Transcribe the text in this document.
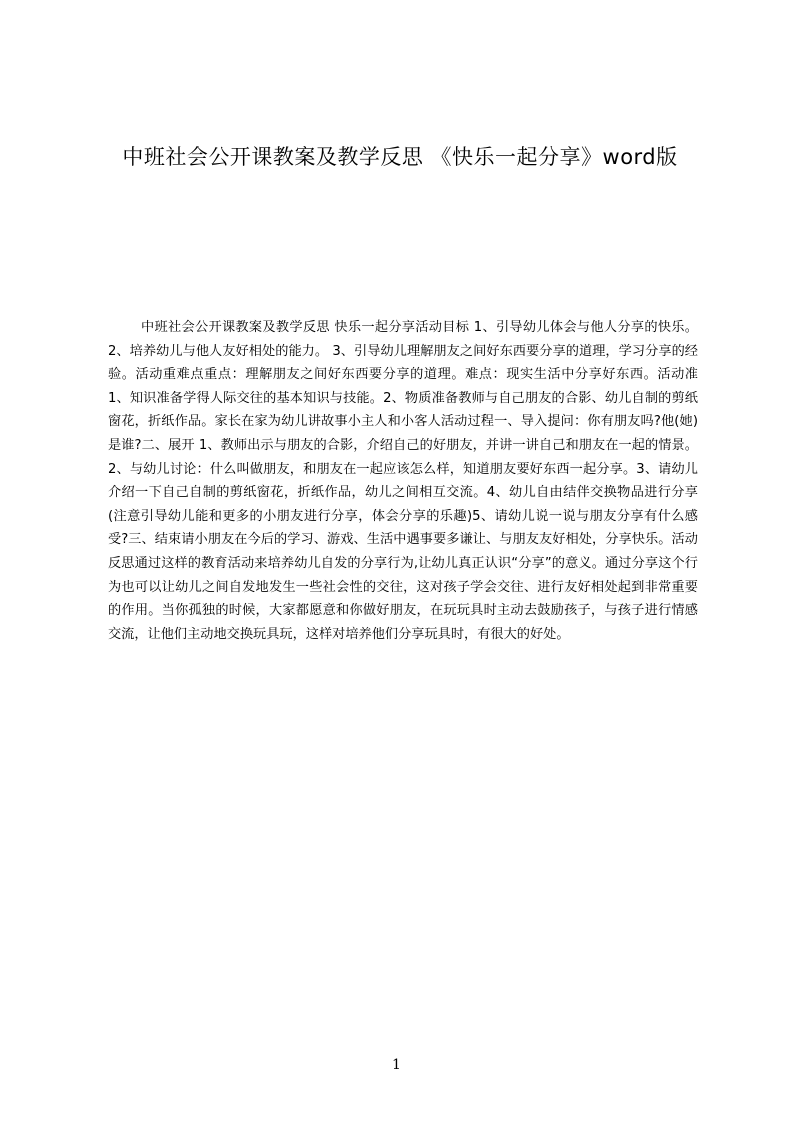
中班社会公开课教案及教学反思 《快乐一起分享》word版

中班社会公开课教案及教学反思 快乐一起分享活动目标 1、引导幼儿体会与他人分享的快乐。2、培养幼儿与他人友好相处的能力。 3、引导幼儿理解朋友之间好东西要分享的道理，学习分享的经验。活动重难点重点：理解朋友之间好东西要分享的道理。难点：现实生活中分享好东西。活动准 1、知识准备学得人际交往的基本知识与技能。2、物质准备教师与自己朋友的合影、幼儿自制的剪纸窗花，折纸作品。家长在家为幼儿讲故事小主人和小客人活动过程一、导入提问：你有朋友吗?他(她)是谁?二、展开 1、教师出示与朋友的合影，介绍自己的好朋友，并讲一讲自己和朋友在一起的情景。2、与幼儿讨论：什么叫做朋友，和朋友在一起应该怎么样，知道朋友要好东西一起分享。3、请幼儿介绍一下自己自制的剪纸窗花，折纸作品，幼儿之间相互交流。4、幼儿自由结伴交换物品进行分享(注意引导幼儿能和更多的小朋友进行分享，体会分享的乐趣)5、请幼儿说一说与朋友分享有什么感受?三、结束请小朋友在今后的学习、游戏、生活中遇事要多谦让、与朋友友好相处，分享快乐。活动反思通过这样的教育活动来培养幼儿自发的分享行为,让幼儿真正认识“分享”的意义。通过分享这个行为也可以让幼儿之间自发地发生一些社会性的交往，这对孩子学会交往、进行友好相处起到非常重要的作用。当你孤独的时候，大家都愿意和你做好朋友，在玩玩具时主动去鼓励孩子，与孩子进行情感交流，让他们主动地交换玩具玩，这样对培养他们分享玩具时，有很大的好处。

1
